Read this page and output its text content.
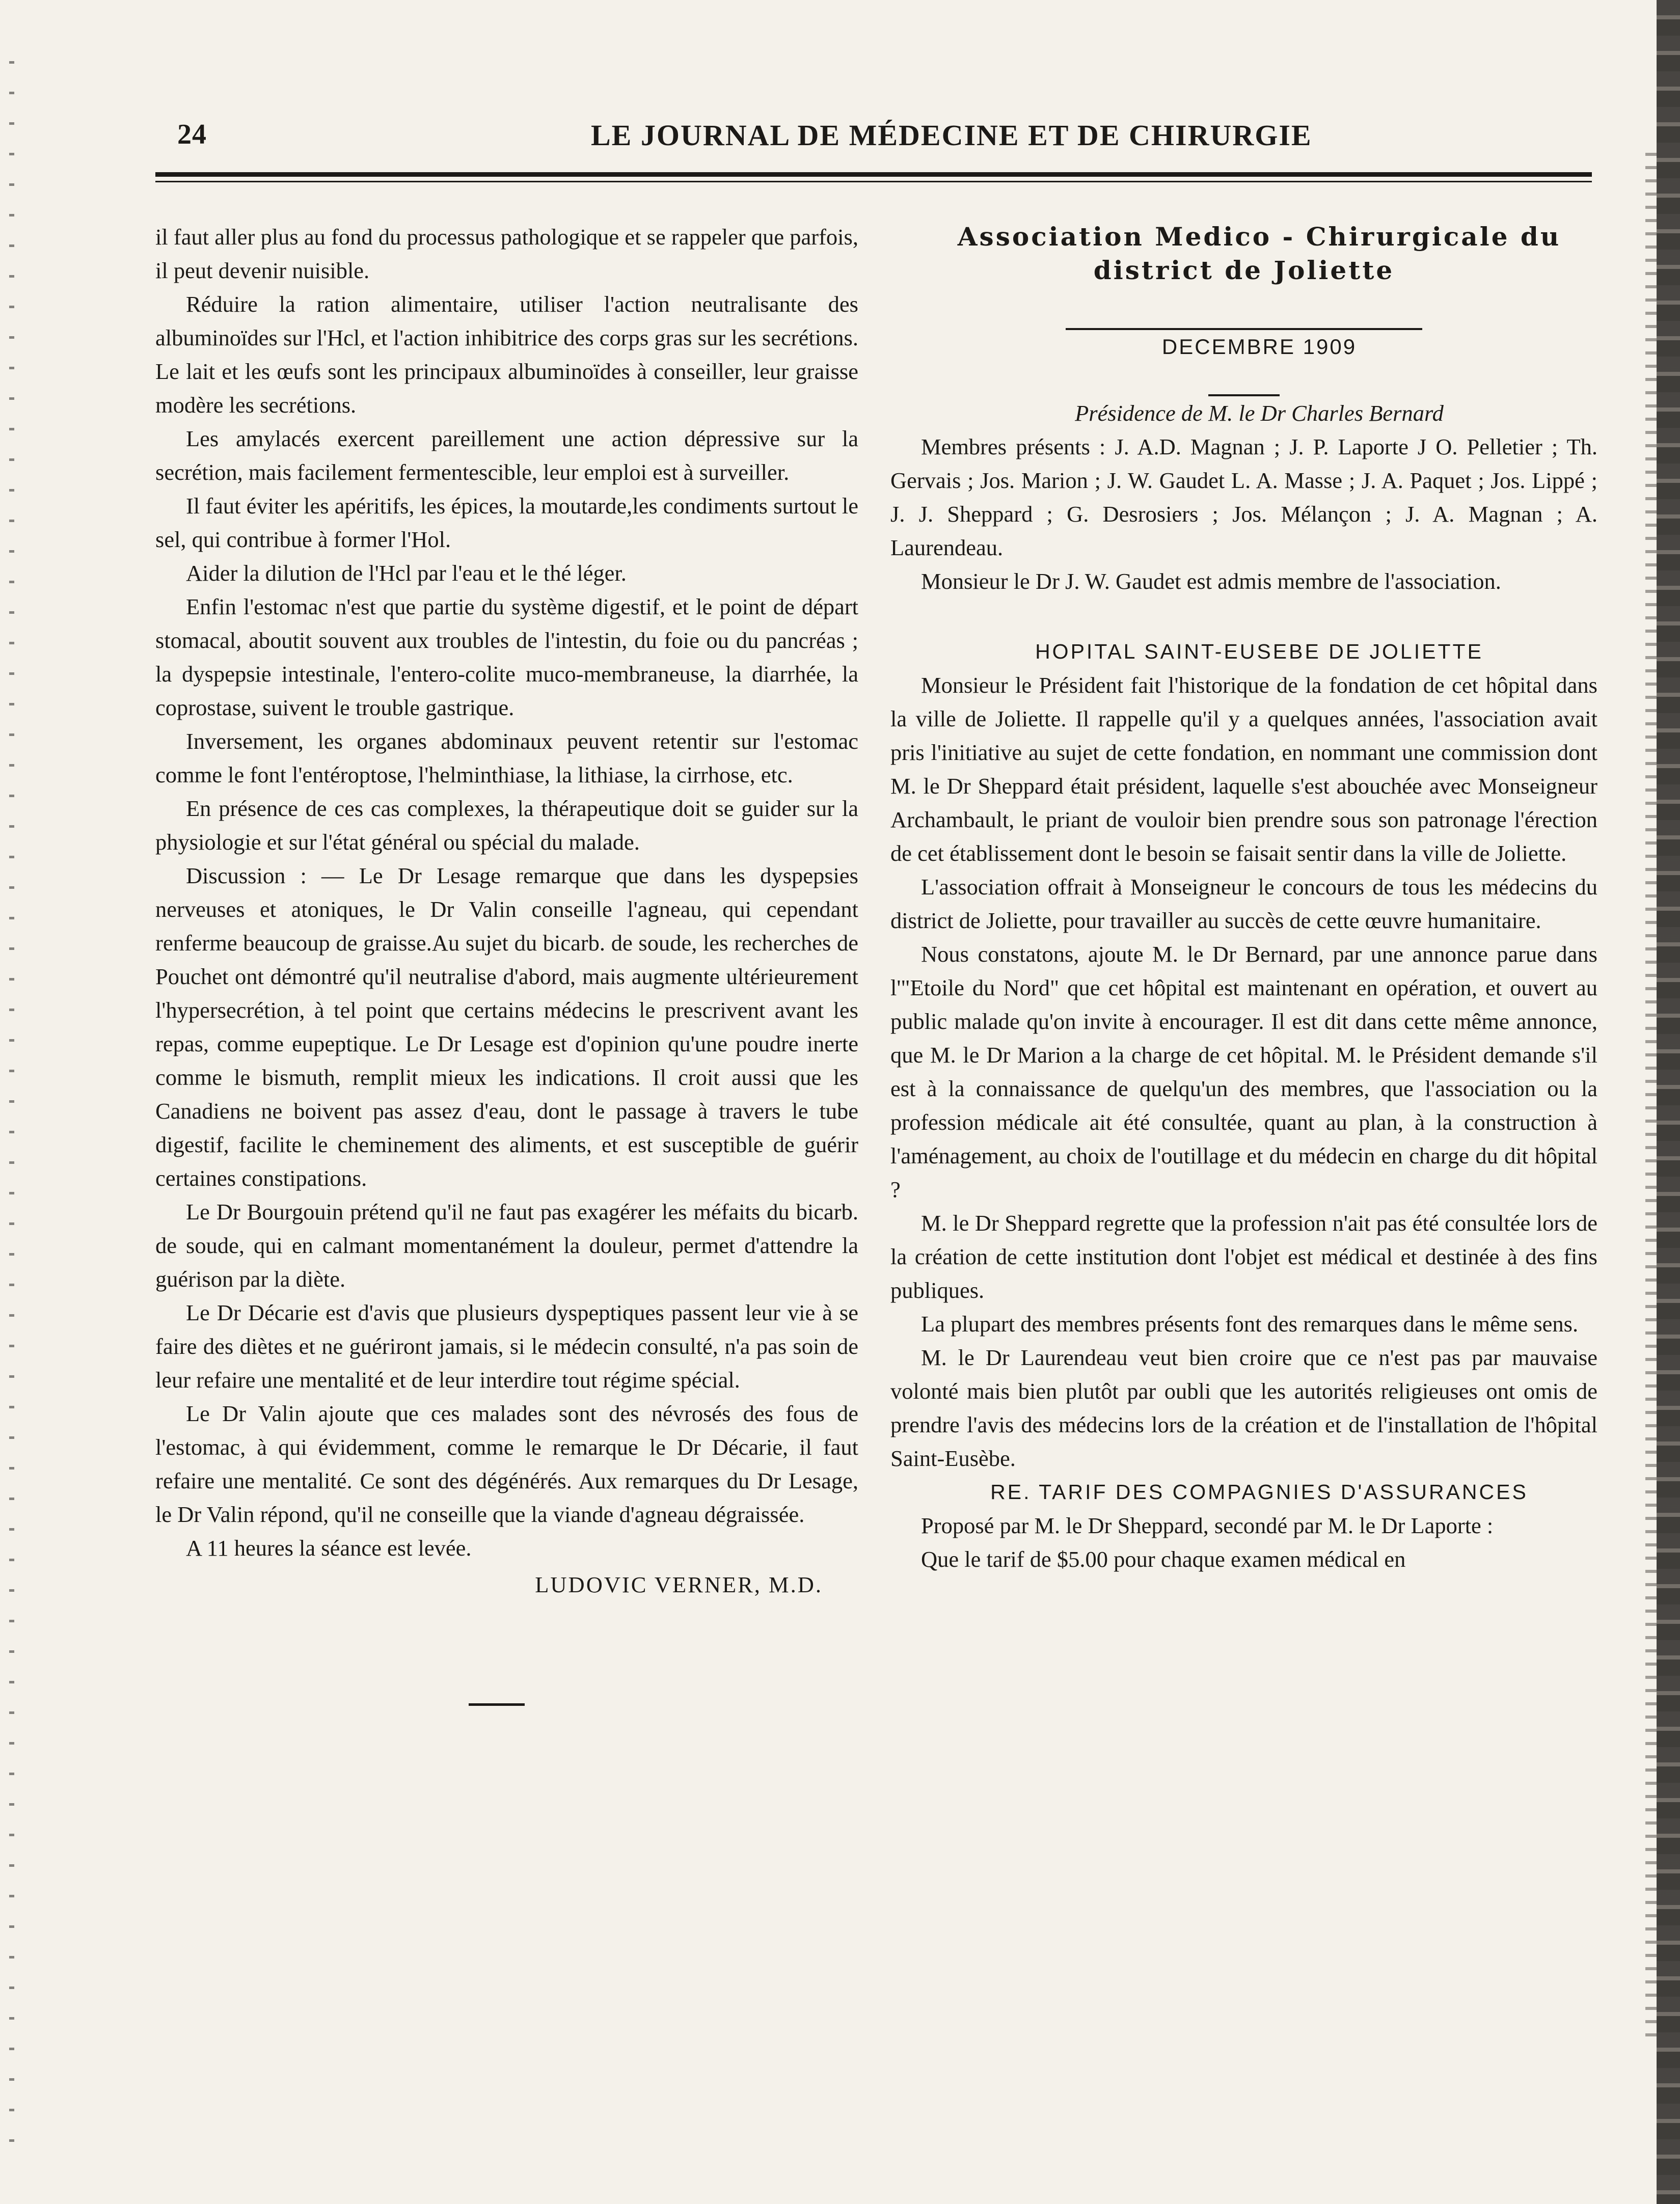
24	LE JOURNAL DE MÉDECINE ET DE CHIRURGIE

il faut aller plus au fond du processus pathologique et se rappeler que parfois, il peut devenir nuisible.

Réduire la ration alimentaire, utiliser l'action neutralisante des albuminoïdes sur l'Hcl, et l'action inhibitrice des corps gras sur les secrétions. Le lait et les œufs sont les principaux albuminoïdes à conseiller, leur graisse modère les secrétions.

Les amylacés exercent pareillement une action dépressive sur la secrétion, mais facilement fermentescible, leur emploi est à surveiller.

Il faut éviter les apéritifs, les épices, la moutarde,les condiments surtout le sel, qui contribue à former l'Hol.

Aider la dilution de l'Hcl par l'eau et le thé léger.

Enfin l'estomac n'est que partie du système digestif, et le point de départ stomacal, aboutit souvent aux troubles de l'intestin, du foie ou du pancréas ; la dyspepsie intestinale, l'entero-colite muco-membraneuse, la diarrhée, la coprostase, suivent le trouble gastrique.

Inversement, les organes abdominaux peuvent retentir sur l'estomac comme le font l'entéroptose, l'helminthiase, la lithiase, la cirrhose, etc.

En présence de ces cas complexes, la thérapeutique doit se guider sur la physiologie et sur l'état général ou spécial du malade.

Discussion : — Le Dr Lesage remarque que dans les dyspepsies nerveuses et atoniques, le Dr Valin conseille l'agneau, qui cependant renferme beaucoup de graisse.Au sujet du bicarb. de soude, les recherches de Pouchet ont démontré qu'il neutralise d'abord, mais augmente ultérieurement l'hypersecrétion, à tel point que certains médecins le prescrivent avant les repas, comme eupeptique. Le Dr Lesage est d'opinion qu'une poudre inerte comme le bismuth, remplit mieux les indications. Il croit aussi que les Canadiens ne boivent pas assez d'eau, dont le passage à travers le tube digestif, facilite le cheminement des aliments, et est susceptible de guérir certaines constipations.

Le Dr Bourgouin prétend qu'il ne faut pas exagérer les méfaits du bicarb. de soude, qui en calmant momentanément la douleur, permet d'attendre la guérison par la diète.

Le Dr Décarie est d'avis que plusieurs dyspeptiques passent leur vie à se faire des diètes et ne guériront jamais, si le médecin consulté, n'a pas soin de leur refaire une mentalité et de leur interdire tout régime spécial.

Le Dr Valin ajoute que ces malades sont des névrosés des fous de l'estomac, à qui évidemment, comme le remarque le Dr Décarie, il faut refaire une mentalité. Ce sont des dégénérés. Aux remarques du Dr Lesage, le Dr Valin répond, qu'il ne conseille que la viande d'agneau dégraissée.

A 11 heures la séance est levée.

LUDOVIC VERNER, M.D.

Association Medico - Chirurgicale du district de Joliette

DECEMBRE 1909

Présidence de M. le Dr Charles Bernard

Membres présents : J. A.D. Magnan ; J. P. Laporte J O. Pelletier ; Th. Gervais ; Jos. Marion ; J. W. Gaudet L. A. Masse ; J. A. Paquet ; Jos. Lippé ; J. J. Sheppard ; G. Desrosiers ; Jos. Mélançon ; J. A. Magnan ; A. Laurendeau.

Monsieur le Dr J. W. Gaudet est admis membre de l'association.

HOPITAL SAINT-EUSEBE DE JOLIETTE

Monsieur le Président fait l'historique de la fondation de cet hôpital dans la ville de Joliette. Il rappelle qu'il y a quelques années, l'association avait pris l'initiative au sujet de cette fondation, en nommant une commission dont M. le Dr Sheppard était président, laquelle s'est abouchée avec Monseigneur Archambault, le priant de vouloir bien prendre sous son patronage l'érection de cet établissement dont le besoin se faisait sentir dans la ville de Joliette.

L'association offrait à Monseigneur le concours de tous les médecins du district de Joliette, pour travailler au succès de cette œuvre humanitaire.

Nous constatons, ajoute M. le Dr Bernard, par une annonce parue dans l'"Etoile du Nord" que cet hôpital est maintenant en opération, et ouvert au public malade qu'on invite à encourager. Il est dit dans cette même annonce, que M. le Dr Marion a la charge de cet hôpital. M. le Président demande s'il est à la connaissance de quelqu'un des membres, que l'association ou la profession médicale ait été consultée, quant au plan, à la construction à l'aménagement, au choix de l'outillage et du médecin en charge du dit hôpital ?

M. le Dr Sheppard regrette que la profession n'ait pas été consultée lors de la création de cette institution dont l'objet est médical et destinée à des fins publiques.

La plupart des membres présents font des remarques dans le même sens.

M. le Dr Laurendeau veut bien croire que ce n'est pas par mauvaise volonté mais bien plutôt par oubli que les autorités religieuses ont omis de prendre l'avis des médecins lors de la création et de l'installation de l'hôpital Saint-Eusèbe.

RE. TARIF DES COMPAGNIES D'ASSURANCES

Proposé par M. le Dr Sheppard, secondé par M. le Dr Laporte :

Que le tarif de $5.00 pour chaque examen médical en
